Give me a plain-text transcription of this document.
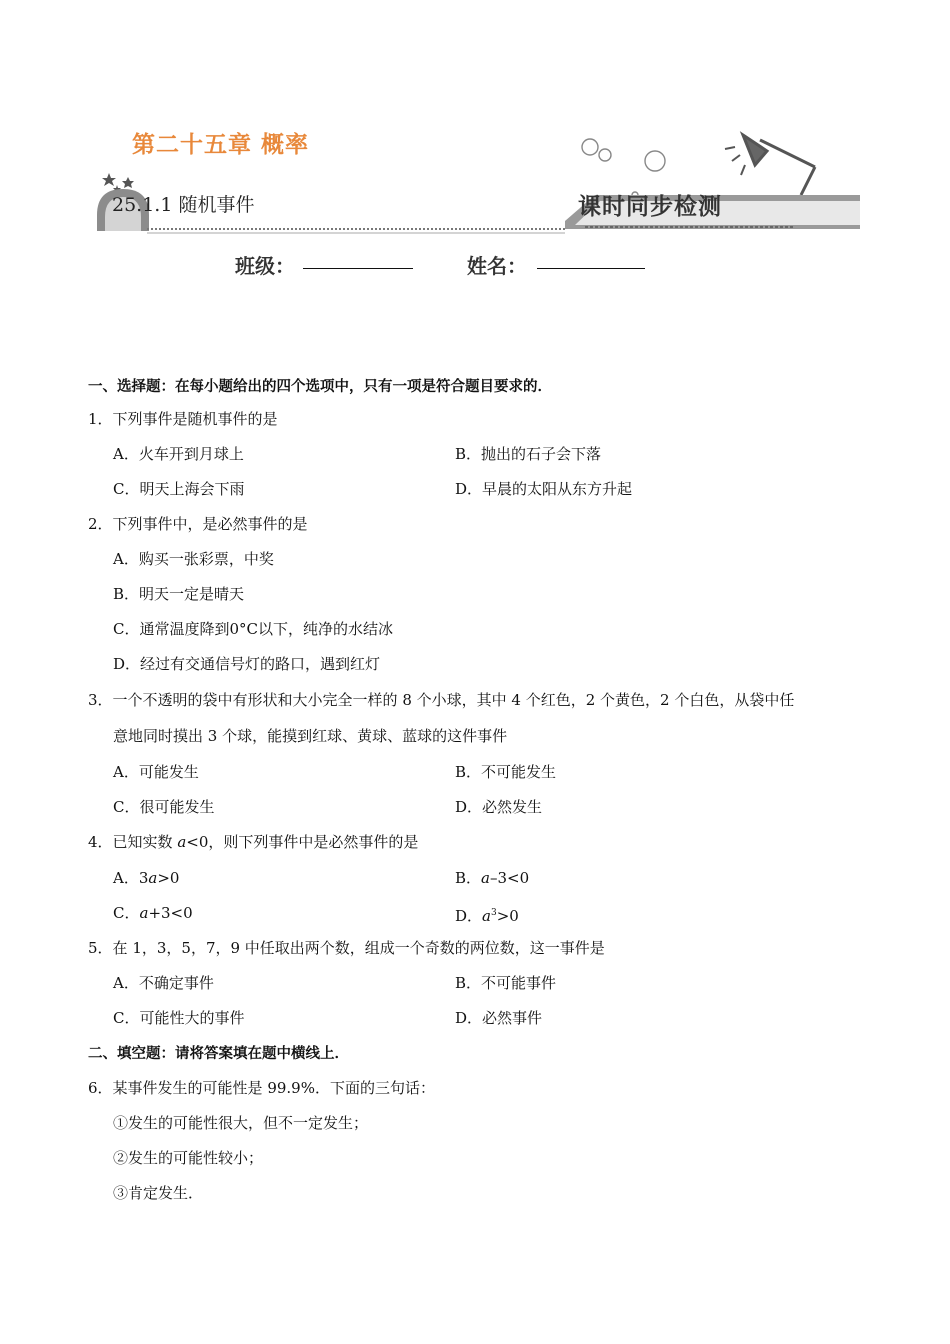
第二十五章 概率
25.1.1 随机事件	课时同步检测
班级：	姓名：
一、选择题：在每小题给出的四个选项中，只有一项是符合题目要求的．
1．下列事件是随机事件的是
A．火车开到月球上	B．抛出的石子会下落
C．明天上海会下雨	D．早晨的太阳从东方升起
2．下列事件中，是必然事件的是
A．购买一张彩票，中奖
B．明天一定是晴天
C．通常温度降到0°C以下，纯净的水结冰
D．经过有交通信号灯的路口，遇到红灯
3．一个不透明的袋中有形状和大小完全一样的 8 个小球，其中 4 个红色，2 个黄色，2 个白色，从袋中任
意地同时摸出 3 个球，能摸到红球、黄球、蓝球的这件事件
A．可能发生	B．不可能发生
C．很可能发生	D．必然发生
4．已知实数 a<0，则下列事件中是必然事件的是
A．3a>0	B．a–3<0
C．a+3<0	D．$a^3>0$
5．在 1，3，5，7，9 中任取出两个数，组成一个奇数的两位数，这一事件是
A．不确定事件	B．不可能事件
C．可能性大的事件	D．必然事件
二、填空题：请将答案填在题中横线上．
6．某事件发生的可能性是 99.9%．下面的三句话：
①发生的可能性很大，但不一定发生；
②发生的可能性较小；
③肯定发生．
